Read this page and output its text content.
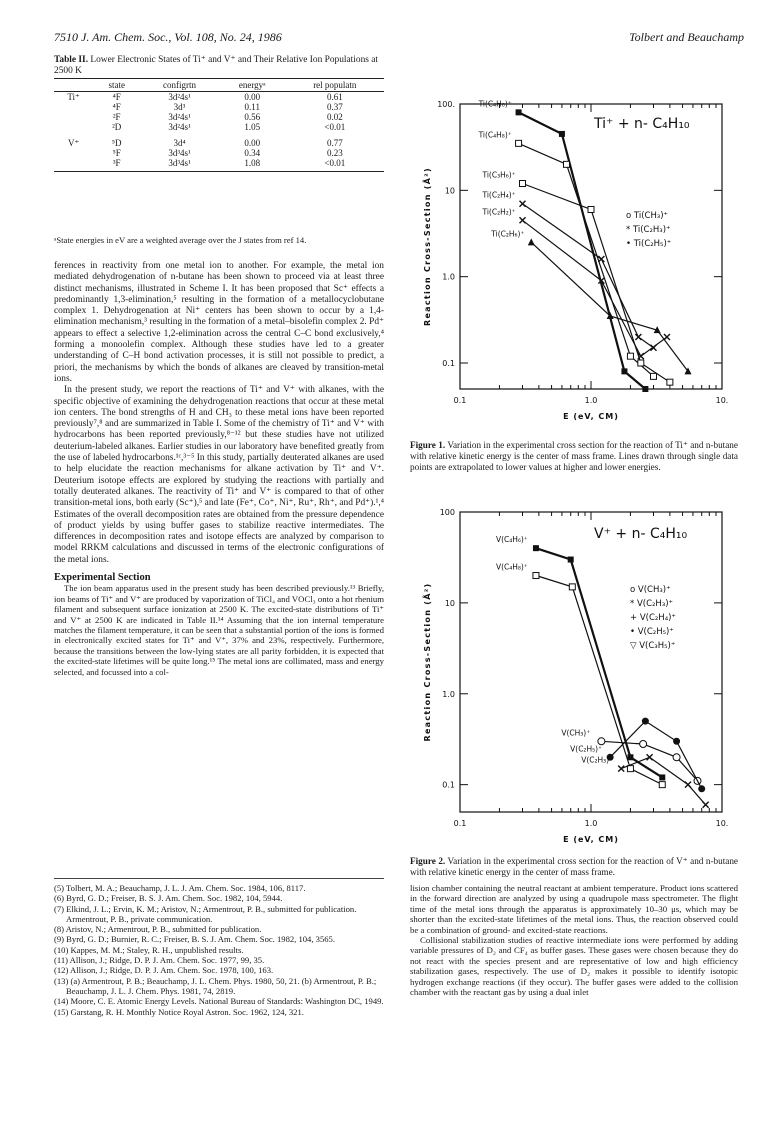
7510 J. Am. Chem. Soc., Vol. 108, No. 24, 1986	Tolbert and Beauchamp
Table II. Lower Electronic States of Ti⁺ and V⁺ and Their Relative Ion Populations at 2500 K
	state	configrtn	energyᵃ	rel populatn
Ti⁺	⁴F	3d²4s¹	0.00	0.61
	⁴F	3d³	0.11	0.37
	²F	3d²4s¹	0.56	0.02
	²D	3d²4s¹	1.05	<0.01
V⁺	⁵D	3d⁴	0.00	0.77
	⁵F	3d³4s¹	0.34	0.23
	³F	3d³4s¹	1.08	<0.01
ᵃState energies in eV are a weighted average over the J states from ref 14.

ferences in reactivity from one metal ion to another. For example, the metal ion mediated dehydrogenation of n-butane has been shown to proceed via at least three distinct mechanisms, illustrated in Scheme I. It has been proposed that Sc⁺ effects a predominantly 1,3-elimination,⁵ resulting in the formation of a metallocyclobutane complex 1. Dehydrogenation at Ni⁺ centers has been shown to occur by a 1,4-elimination mechanism,³ resulting in the formation of a metal–bisolefin complex 2. Pd⁺ appears to effect a selective 1,2-elimination across the central C–C bond exclusively,⁴ forming a monoolefin complex. Although these studies have led to a greater understanding of C–H bond activation processes, it is still not possible to predict, a priori, the mechanisms by which the bonds of alkanes are cleaved by transition-metal ions.

In the present study, we report the reactions of Ti⁺ and V⁺ with alkanes, with the specific objective of examining the dehydrogenation reactions that occur at these metal ion centers. The bond strengths of H and CH₃ to these metal ions have been reported previously⁷,⁸ and are summarized in Table I. Some of the chemistry of Ti⁺ and V⁺ with hydrocarbons has been reported previously,⁸⁻¹² but these studies have not utilized deuterium-labeled alkanes. Earlier studies in our laboratory have benefited greatly from the use of labeled hydrocarbons.¹ᶜ,³⁻⁵ In this study, partially deuterated alkanes are used to help elucidate the reaction mechanisms for alkane activation by Ti⁺ and V⁺. Deuterium isotope effects are explored by studying the reactions with partially and totally deuterated alkanes. The reactivity of Ti⁺ and V⁺ is compared to that of other transition-metal ions, both early (Sc⁺),⁵ and late (Fe⁺, Co⁺, Ni⁺, Ru⁺, Rh⁺, and Pd⁺).¹,⁴ Estimates of the overall decomposition rates are obtained from the pressure dependence of product yields by using buffer gases to stabilize reactive intermediates. The differences in decomposition rates and isotope effects are analyzed by comparison to model RRKM calculations and discussed in terms of the electronic configurations of the metal ions.

Experimental Section

The ion beam apparatus used in the present study has been described previously.¹³ Briefly, ion beams of Ti⁺ and V⁺ are produced by vaporization of TiCl₄ and VOCl₃ onto a hot rhenium filament and subsequent surface ionization at 2500 K. The excited-state distributions of Ti⁺ and V⁺ at 2500 K are indicated in Table II.¹⁴ Assuming that the ion internal temperature matches the filament temperature, it can be seen that a substantial portion of the ions is formed in electronically excited states for Ti⁺ and V⁺, 37% and 23%, respectively. Furthermore, because the transitions between the low-lying states are all parity forbidden, it is expected that the excited-state lifetimes will be quite long.¹⁵ The metal ions are collimated, mass and energy selected, and focussed into a col-

(5) Tolbert, M. A.; Beauchamp, J. L. J. Am. Chem. Soc. 1984, 106, 8117.
(6) Byrd, G. D.; Freiser, B. S. J. Am. Chem. Soc. 1982, 104, 5944.
(7) Elkind, J. L.; Ervin, K. M.; Aristov, N.; Armentrout, P. B., submitted for publication. Armentrout, P. B., private communication.
(8) Aristov, N.; Armentrout, P. B., submitted for publication.
(9) Byrd, G. D.; Burnier, R. C.; Freiser, B. S. J. Am. Chem. Soc. 1982, 104, 3565.
(10) Kappes, M. M.; Staley, R. H., unpublished results.
(11) Allison, J.; Ridge, D. P. J. Am. Chem. Soc. 1977, 99, 35.
(12) Allison, J.; Ridge, D. P. J. Am. Chem. Soc. 1978, 100, 163.
(13) (a) Armentrout, P. B.; Beauchamp, J. L. Chem. Phys. 1980, 50, 21. (b) Armentrout, P. B.; Beauchamp, J. L. J. Chem. Phys. 1981, 74, 2819.
(14) Moore, C. E. Atomic Energy Levels. National Bureau of Standards: Washington DC, 1949.
(15) Garstang, R. H. Monthly Notice Royal Astron. Soc. 1962, 124, 321.
0.1	1.0	10.
100.
10
1.0
0.1
E (eV, CM)
Reaction Cross-Section (Å²)
Ti⁺ + n- C₄H₁₀
o Ti(CH₃)⁺
* Ti(C₂H₃)⁺
• Ti(C₂H₅)⁺
Ti(C₄H₆)⁺
Ti(C₄H₈)⁺
Ti(C₃H₆)⁺
Ti(C₂H₄)⁺
Ti(C₂H₂)⁺
Ti(C₂H₆)⁺
Figure 1. Variation in the experimental cross section for the reaction of Ti⁺ and n-butane with relative kinetic energy is the center of mass frame. Lines drawn through single data points are extrapolated to lower values at higher and lower energies.
0.1	1.0	10.
100
10
1.0
0.1
E (eV, CM)
Reaction Cross-Section (Å²)
V⁺ + n- C₄H₁₀
o V(CH₃)⁺
* V(C₂H₃)⁺
+ V(C₂H₄)⁺
• V(C₂H₅)⁺
▽ V(C₃H₅)⁺
V(C₄H₆)⁺
V(C₄H₈)⁺
V(CH₃)⁺
V(C₂H₅)⁺
V(C₂H₃)⁺
Figure 2. Variation in the experimental cross section for the reaction of V⁺ and n-butane with relative kinetic energy in the center of mass frame.

lision chamber containing the neutral reactant at ambient temperature. Product ions scattered in the forward direction are analyzed by using a quadrupole mass spectrometer. The flight time of the metal ions through the apparatus is approximately 10–30 μs, which may be shorter than the excited-state lifetimes of the metal ions. Thus, the reaction observed could be a combination of ground- and excited-state reactions.

Collisional stabilization studies of reactive intermediate ions were performed by adding variable pressures of D₂ and CF₄ as buffer gases. These gases were chosen because they do not react with the species present and are representative of low and high efficiency stabilization gases, respectively. The use of D₂ makes it possible to identify isotopic hydrogen exchange reactions (if they occur). The buffer gases were added to the collision chamber with the reactant gas by using a dual inlet
